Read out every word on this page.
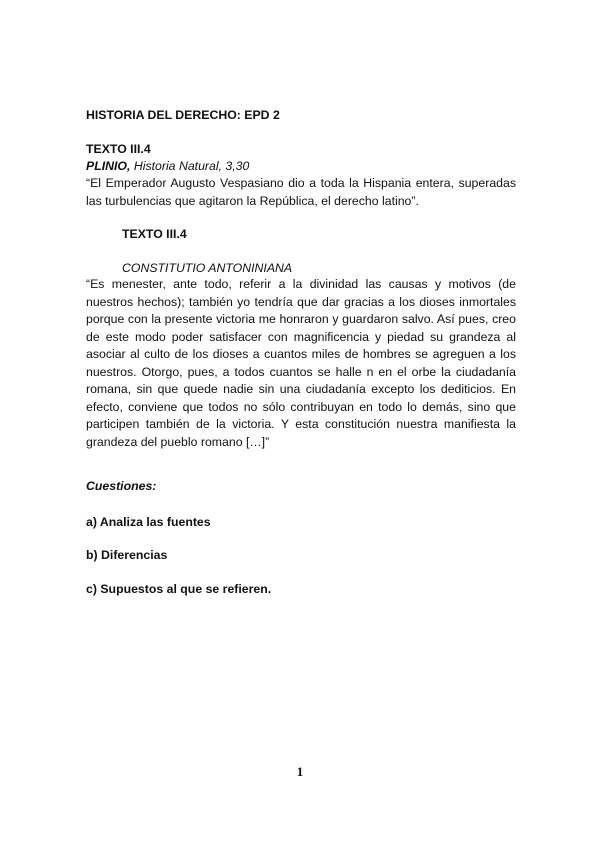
HISTORIA DEL DERECHO: EPD 2
TEXTO III.4
PLINIO, Historia Natural, 3,30
“El Emperador Augusto Vespasiano dio a toda la Hispania entera, superadas las turbulencias que agitaron la República, el derecho latino”.
TEXTO III.4
CONSTITUTIO ANTONINIANA
“Es menester, ante todo, referir a la divinidad las causas y motivos (de nuestros hechos); también yo tendría que dar gracias a los dioses inmortales porque con la presente victoria me honraron y guardaron salvo. Así pues, creo de este modo poder satisfacer con magnificencia y piedad su grandeza al asociar al culto de los dioses a cuantos miles de hombres se agreguen a los nuestros. Otorgo, pues, a todos cuantos se halle n en el orbe la ciudadanía romana, sin que quede nadie sin una ciudadanía excepto los dediticios. En efecto, conviene que todos no sólo contribuyan en todo lo demás, sino que participen también de la victoria. Y esta constitución nuestra manifiesta la grandeza del pueblo romano […]”
Cuestiones:
a) Analiza las fuentes
b) Diferencias
c) Supuestos al que se refieren.
1
